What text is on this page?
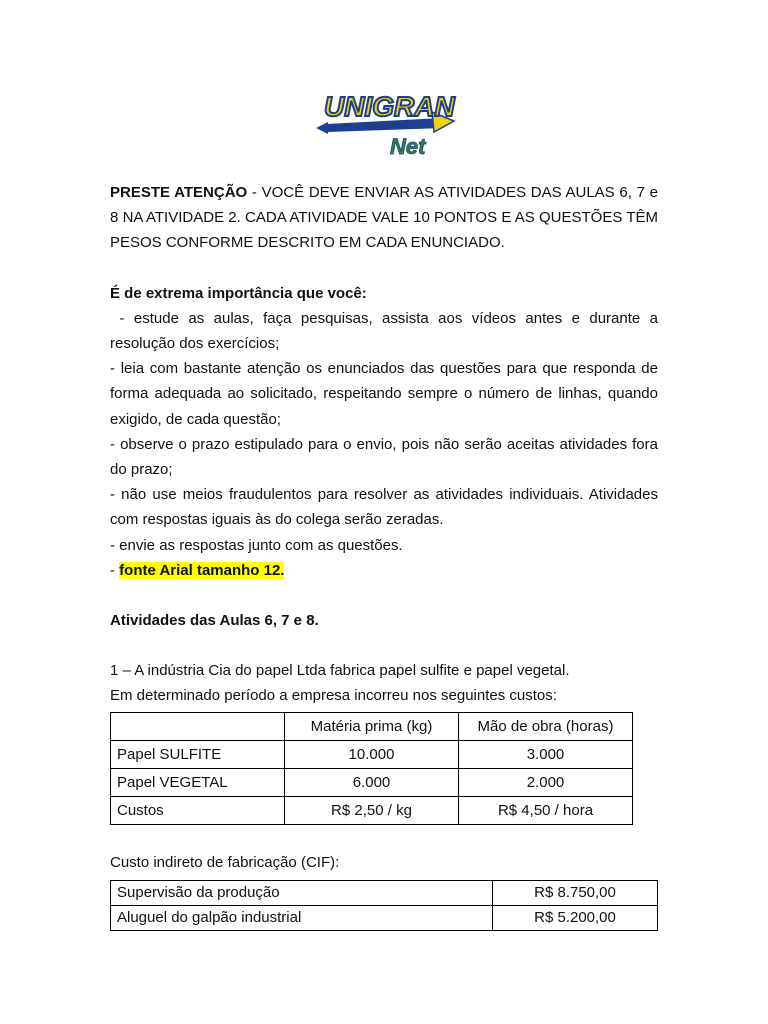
UNIGRAN
Net

PRESTE ATENÇÃO - VOCÊ DEVE ENVIAR AS ATIVIDADES DAS AULAS 6, 7 e 8 NA ATIVIDADE 2. CADA ATIVIDADE VALE 10 PONTOS E AS QUESTÕES TÊM PESOS CONFORME DESCRITO EM CADA ENUNCIADO.

É de extrema importância que você:

- estude as aulas, faça pesquisas, assista aos vídeos antes e durante a resolução dos exercícios;

- leia com bastante atenção os enunciados das questões para que responda de forma adequada ao solicitado, respeitando sempre o número de linhas, quando exigido, de cada questão;

- observe o prazo estipulado para o envio, pois não serão aceitas atividades fora do prazo;

- não use meios fraudulentos para resolver as atividades individuais. Atividades com respostas iguais às do colega serão zeradas.

- envie as respostas junto com as questões.

- fonte Arial tamanho 12.

Atividades das Aulas 6, 7 e 8.

1 – A indústria Cia do papel Ltda fabrica papel sulfite e papel vegetal.

Em determinado período a empresa incorreu nos seguintes custos:

	Matéria prima (kg)	Mão de obra (horas)
Papel SULFITE	10.000	3.000
Papel VEGETAL	6.000	2.000
Custos	R$ 2,50 / kg	R$ 4,50 / hora

Custo indireto de fabricação (CIF):

Supervisão da produção	R$ 8.750,00
Aluguel do galpão industrial	R$ 5.200,00
